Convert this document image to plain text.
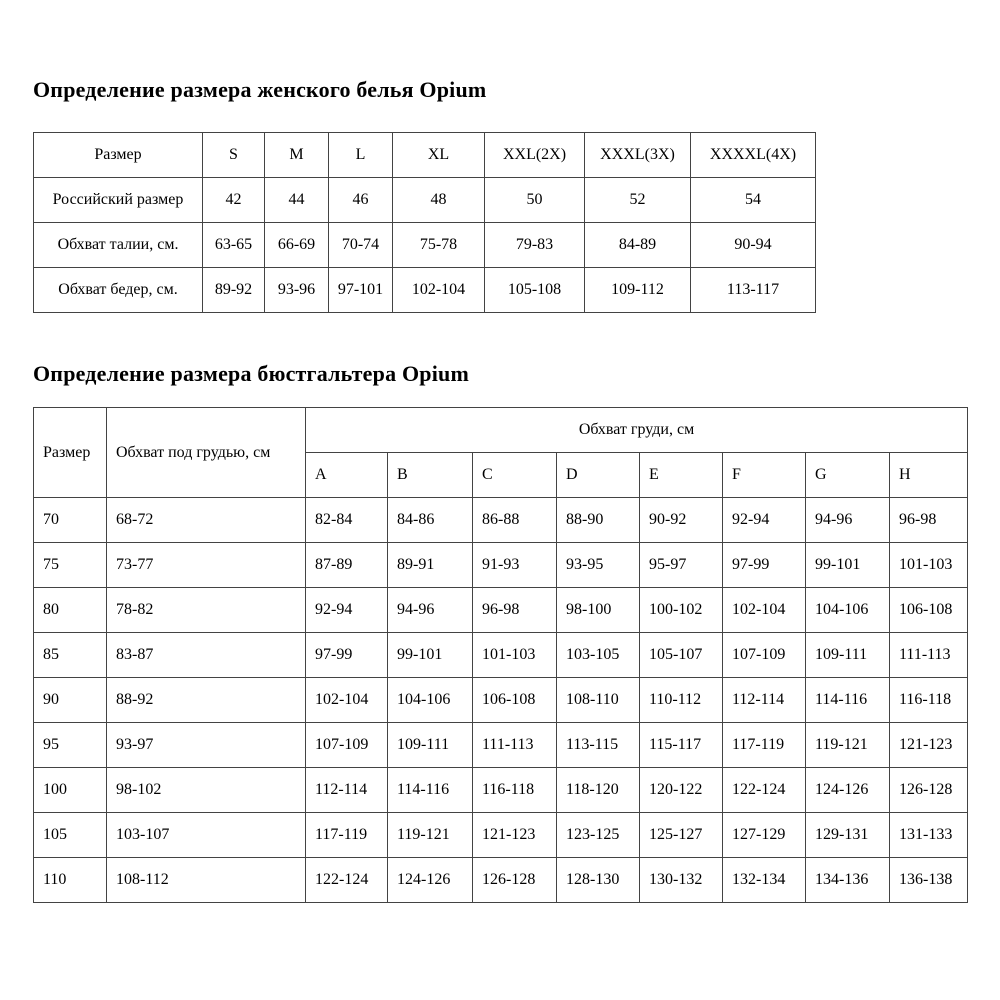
Определение размера женского белья Opium
Размер	S	M	L	XL	XXL(2X)	XXXL(3X)	XXXXL(4X)
Российский размер	42	44	46	48	50	52	54
Обхват талии, см.	63-65	66-69	70-74	75-78	79-83	84-89	90-94
Обхват бедер, см.	89-92	93-96	97-101	102-104	105-108	109-112	113-117
Определение размера бюстгальтера Opium
Размер	Обхват под грудью, см	Обхват груди, см							
		A	B	C	D	E	F	G	H
70	68-72	82-84	84-86	86-88	88-90	90-92	92-94	94-96	96-98
75	73-77	87-89	89-91	91-93	93-95	95-97	97-99	99-101	101-103
80	78-82	92-94	94-96	96-98	98-100	100-102	102-104	104-106	106-108
85	83-87	97-99	99-101	101-103	103-105	105-107	107-109	109-111	111-113
90	88-92	102-104	104-106	106-108	108-110	110-112	112-114	114-116	116-118
95	93-97	107-109	109-111	111-113	113-115	115-117	117-119	119-121	121-123
100	98-102	112-114	114-116	116-118	118-120	120-122	122-124	124-126	126-128
105	103-107	117-119	119-121	121-123	123-125	125-127	127-129	129-131	131-133
110	108-112	122-124	124-126	126-128	128-130	130-132	132-134	134-136	136-138
